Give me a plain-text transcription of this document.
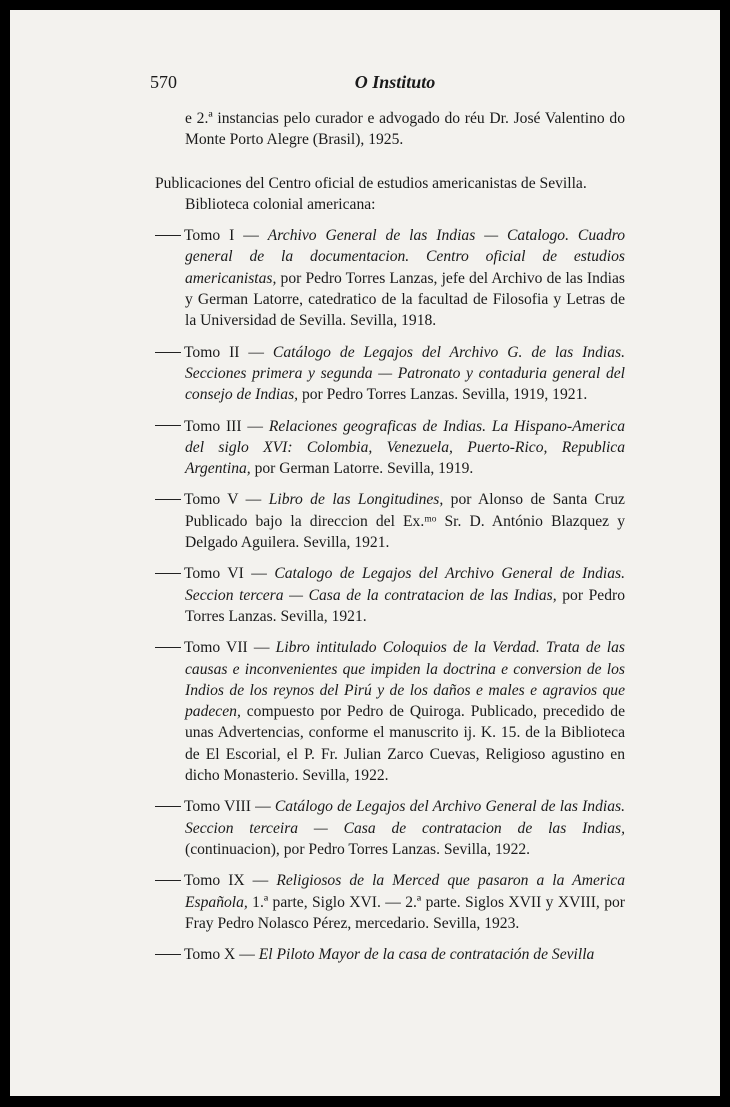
570	O Instituto

e 2.ª instancias pelo curador e advogado do réu Dr. José Valentino do Monte Porto Alegre (Brasil), 1925.

Publicaciones del Centro oficial de estudios americanistas de Sevilla.
Biblioteca colonial americana:

Tomo I — Archivo General de las Indias — Catalogo. Cuadro general de la documentacion. Centro oficial de estudios americanistas, por Pedro Torres Lanzas, jefe del Archivo de las Indias y German Latorre, catedratico de la facultad de Filosofia y Letras de la Universidad de Sevilla. Sevilla, 1918.

Tomo II — Catálogo de Legajos del Archivo G. de las Indias. Secciones primera y segunda — Patronato y contaduria general del consejo de Indias, por Pedro Torres Lanzas. Sevilla, 1919, 1921.

Tomo III — Relaciones geograficas de Indias. La Hispano-America del siglo XVI: Colombia, Venezuela, Puerto-Rico, Republica Argentina, por German Latorre. Sevilla, 1919.

Tomo V — Libro de las Longitudines, por Alonso de Santa Cruz Publicado bajo la direccion del Ex.ᵐᵒ Sr. D. António Blazquez y Delgado Aguilera. Sevilla, 1921.

Tomo VI — Catalogo de Legajos del Archivo General de Indias. Seccion tercera — Casa de la contratacion de las Indias, por Pedro Torres Lanzas. Sevilla, 1921.

Tomo VII — Libro intitulado Coloquios de la Verdad. Trata de las causas e inconvenientes que impiden la doctrina e conversion de los Indios de los reynos del Pirú y de los daños e males e agravios que padecen, compuesto por Pedro de Quiroga. Publicado, precedido de unas Advertencias, conforme el manuscrito ij. K. 15. de la Biblioteca de El Escorial, el P. Fr. Julian Zarco Cuevas, Religioso agustino en dicho Monasterio. Sevilla, 1922.

Tomo VIII — Catálogo de Legajos del Archivo General de las Indias. Seccion terceira — Casa de contratacion de las Indias, (continuacion), por Pedro Torres Lanzas. Sevilla, 1922.

Tomo IX — Religiosos de la Merced que pasaron a la America Española, 1.ª parte, Siglo XVI. — 2.ª parte. Siglos XVII y XVIII, por Fray Pedro Nolasco Pérez, mercedario. Sevilla, 1923.

Tomo X — El Piloto Mayor de la casa de contratación de Sevilla
